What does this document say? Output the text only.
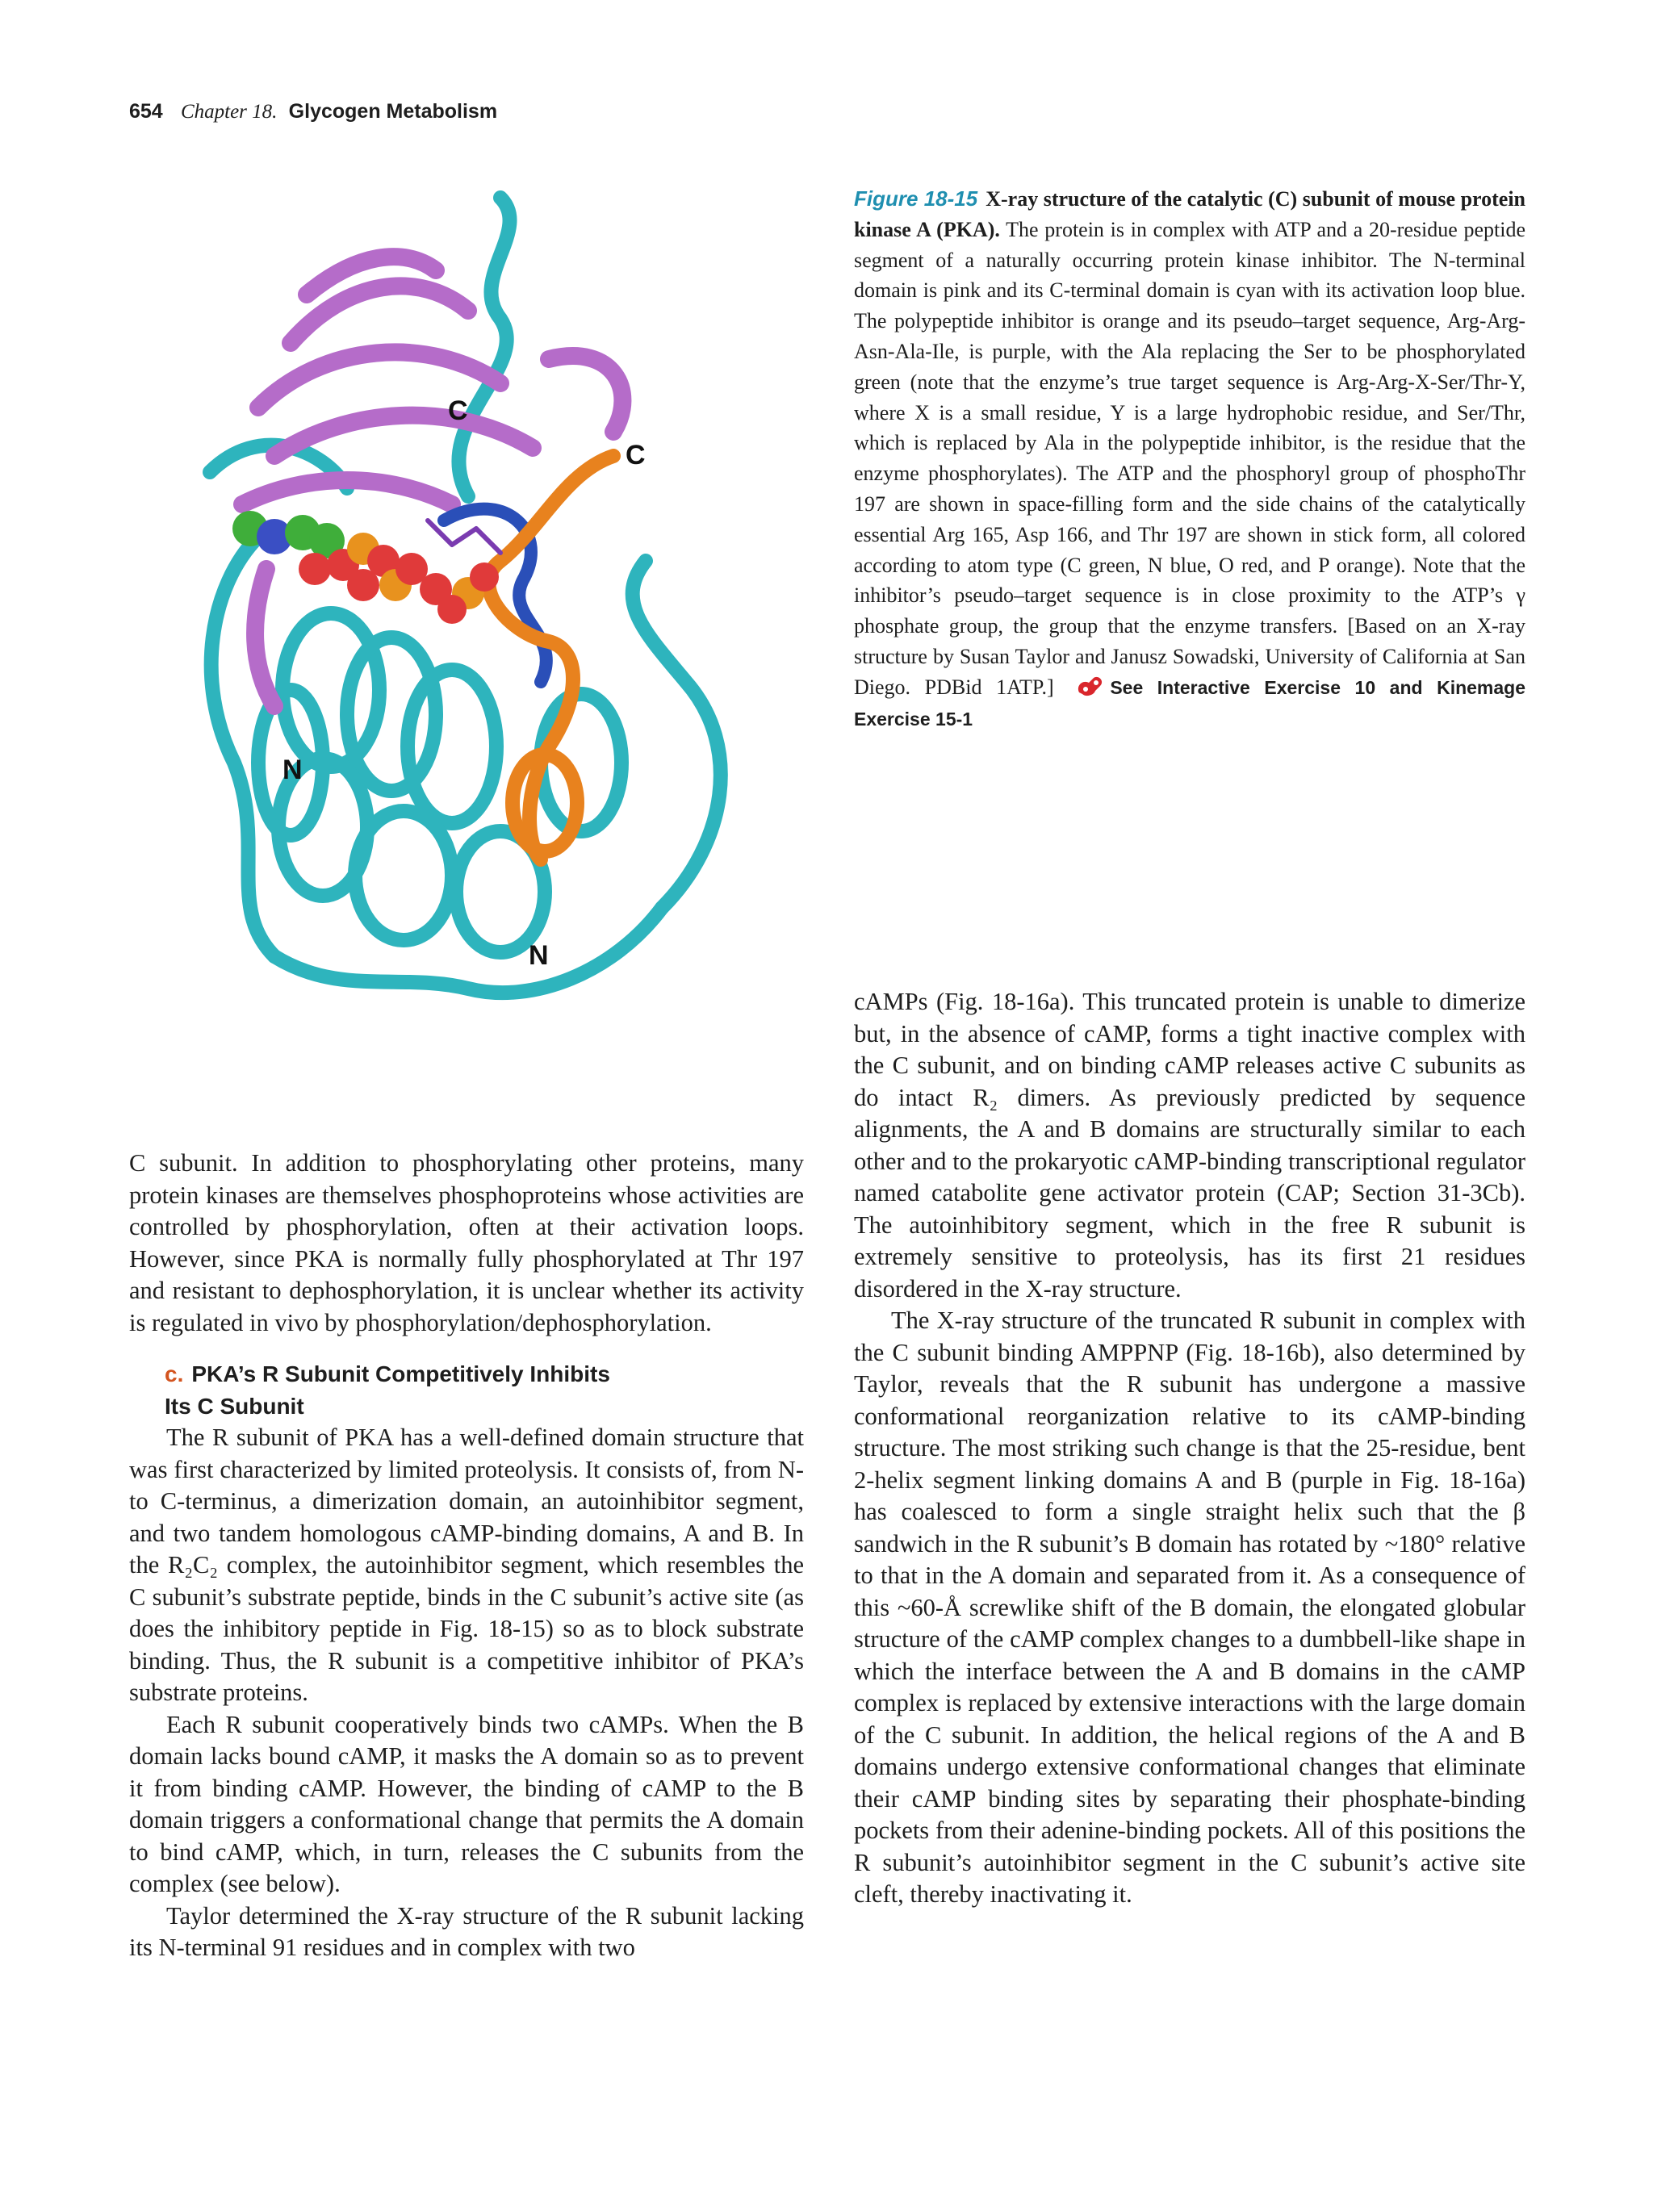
654 Chapter 18. Glycogen Metabolism
C
C
N
N
Figure 18-15 X-ray structure of the catalytic (C) subunit of mouse protein kinase A (PKA). The protein is in complex with ATP and a 20-residue peptide segment of a naturally occurring protein kinase inhibitor. The N-terminal domain is pink and its C-terminal domain is cyan with its activation loop blue. The polypeptide inhibitor is orange and its pseudo–target sequence, Arg-Arg-Asn-Ala-Ile, is purple, with the Ala replacing the Ser to be phosphorylated green (note that the enzyme’s true target sequence is Arg-Arg-X-Ser/Thr-Y, where X is a small residue, Y is a large hydrophobic residue, and Ser/Thr, which is replaced by Ala in the polypeptide inhibitor, is the residue that the enzyme phosphorylates). The ATP and the phosphoryl group of phosphoThr 197 are shown in space-filling form and the side chains of the catalytically essential Arg 165, Asp 166, and Thr 197 are shown in stick form, all colored according to atom type (C green, N blue, O red, and P orange). Note that the inhibitor’s pseudo–target sequence is in close proximity to the ATP’s γ phosphate group, the group that the enzyme transfers. [Based on an X-ray structure by Susan Taylor and Janusz Sowadski, University of California at San Diego. PDBid 1ATP.]	See Interactive Exercise 10 and Kinemage Exercise 15-1

C subunit. In addition to phosphorylating other proteins, many protein kinases are themselves phosphoproteins whose activities are controlled by phosphorylation, often at their activation loops. However, since PKA is normally fully phosphorylated at Thr 197 and resistant to dephosphorylation, it is unclear whether its activity is regulated in vivo by phosphorylation/dephosphorylation.

c. PKA’s R Subunit Competitively Inhibits
Its C Subunit

The R subunit of PKA has a well-defined domain structure that was first characterized by limited proteolysis. It consists of, from N- to C-terminus, a dimerization domain, an autoinhibitor segment, and two tandem homologous cAMP-binding domains, A and B. In the R₂C₂ complex, the autoinhibitor segment, which resembles the C subunit’s substrate peptide, binds in the C subunit’s active site (as does the inhibitory peptide in Fig. 18-15) so as to block substrate binding. Thus, the R subunit is a competitive inhibitor of PKA’s substrate proteins.

Each R subunit cooperatively binds two cAMPs. When the B domain lacks bound cAMP, it masks the A domain so as to prevent it from binding cAMP. However, the binding of cAMP to the B domain triggers a conformational change that permits the A domain to bind cAMP, which, in turn, releases the C subunits from the complex (see below).

Taylor determined the X-ray structure of the R subunit lacking its N-terminal 91 residues and in complex with two

cAMPs (Fig. 18-16a). This truncated protein is unable to dimerize but, in the absence of cAMP, forms a tight inactive complex with the C subunit, and on binding cAMP releases active C subunits as do intact R₂ dimers. As previously predicted by sequence alignments, the A and B domains are structurally similar to each other and to the prokaryotic cAMP-binding transcriptional regulator named catabolite gene activator protein (CAP; Section 31-3Cb). The autoinhibitory segment, which in the free R subunit is extremely sensitive to proteolysis, has its first 21 residues disordered in the X-ray structure.

The X-ray structure of the truncated R subunit in complex with the C subunit binding AMPPNP (Fig. 18-16b), also determined by Taylor, reveals that the R subunit has undergone a massive conformational reorganization relative to its cAMP-binding structure. The most striking such change is that the 25-residue, bent 2-helix segment linking domains A and B (purple in Fig. 18-16a) has coalesced to form a single straight helix such that the β sandwich in the R subunit’s B domain has rotated by ~180° relative to that in the A domain and separated from it. As a consequence of this ~60-Å screwlike shift of the B domain, the elongated globular structure of the cAMP complex changes to a dumbbell-like shape in which the interface between the A and B domains in the cAMP complex is replaced by extensive interactions with the large domain of the C subunit. In addition, the helical regions of the A and B domains undergo extensive conformational changes that eliminate their cAMP binding sites by separating their phosphate-binding pockets from their adenine-binding pockets. All of this positions the R subunit’s autoinhibitor segment in the C subunit’s active site cleft, thereby inactivating it.
